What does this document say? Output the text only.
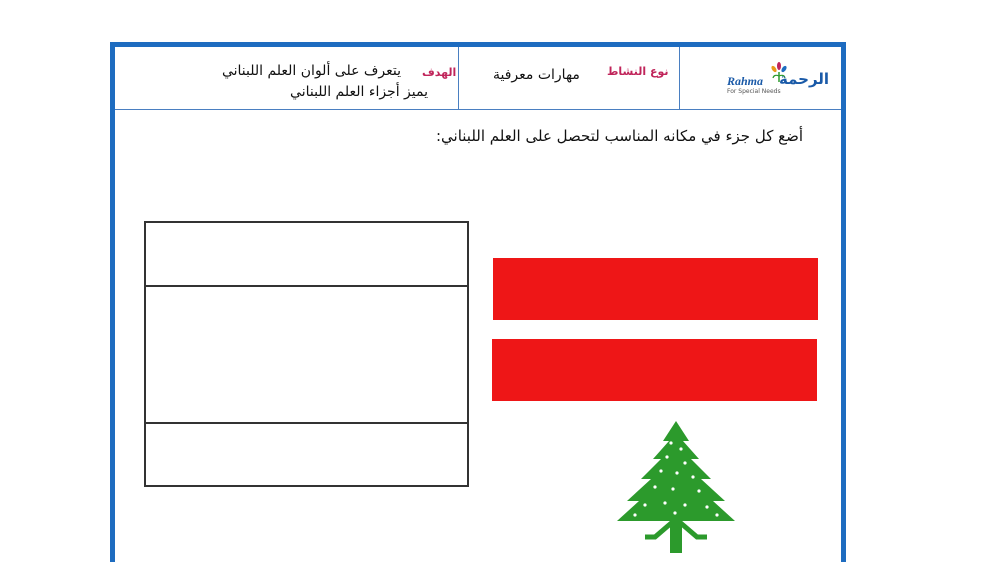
Rahma الرحمة
For Special Needs
نوع النشاط
مهارات معرفية
الهدف
يتعرف على ألوان العلم اللبناني
يميز أجزاء العلم اللبناني
أضع كل جزء في مكانه المناسب لتحصل على العلم اللبناني:
